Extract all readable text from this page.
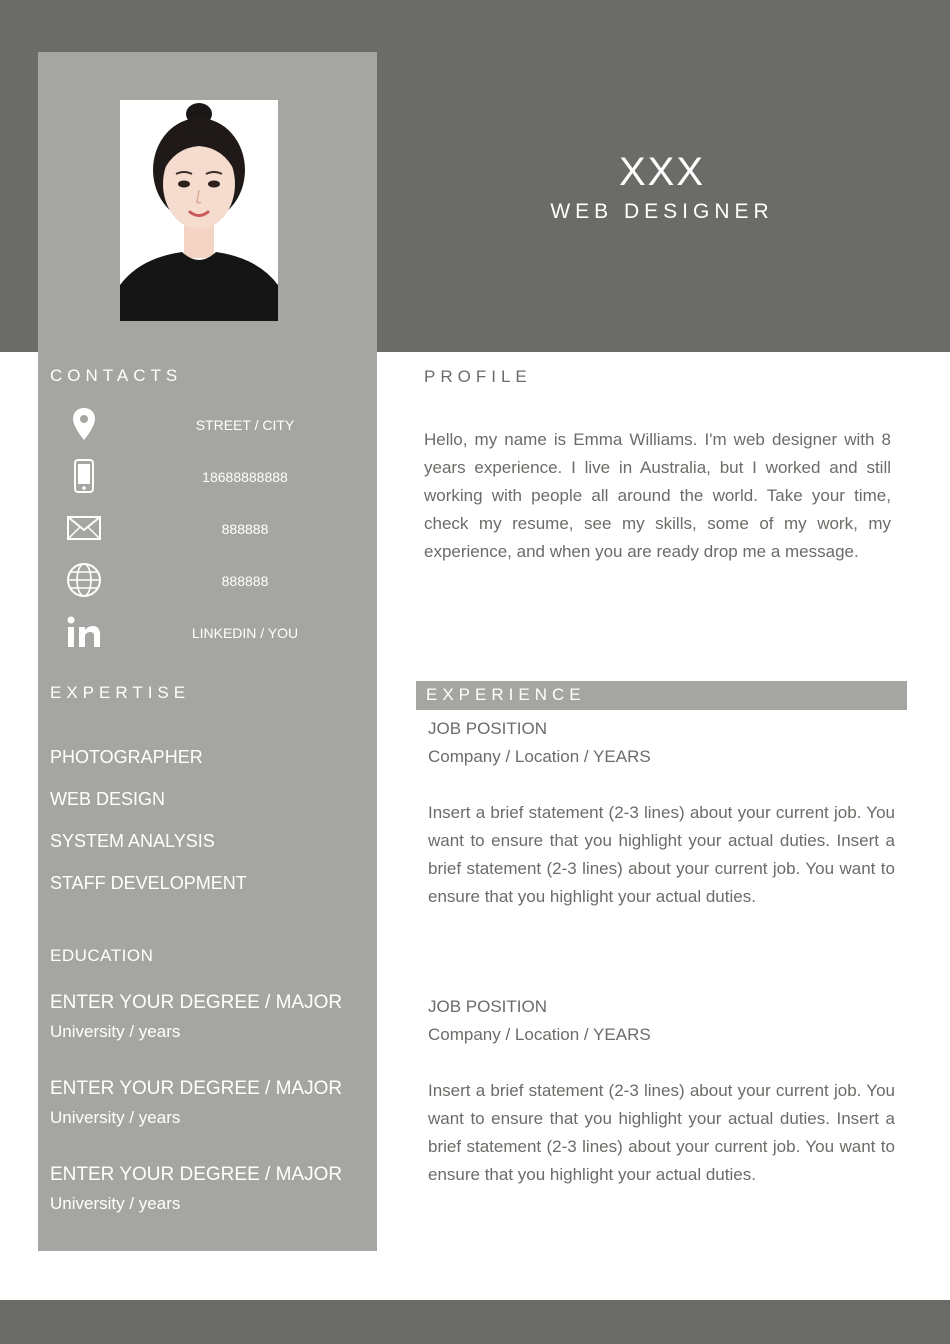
XXX
WEB DESIGNER
CONTACTS
STREET / CITY
18688888888
888888
888888
LINKEDIN / YOU
EXPERTISE
PHOTOGRAPHER
WEB DESIGN
SYSTEM ANALYSIS
STAFF DEVELOPMENT
EDUCATION
ENTER YOUR DEGREE / MAJOR
University / years
ENTER YOUR DEGREE / MAJOR
University / years
ENTER YOUR DEGREE / MAJOR
University / years
PROFILE

Hello, my name is Emma Williams. I'm web designer with 8 years experience. I live in Australia, but I worked and still working with people all around the world. Take your time, check my resume, see my skills, some of my work, my experience, and when you are ready drop me a message.

EXPERIENCE
JOB POSITION
Company / Location / YEARS

Insert a brief statement (2-3 lines) about your current job. You want to ensure that you highlight your actual duties. Insert a brief statement (2-3 lines) about your current job. You want to ensure that you highlight your actual duties.

JOB POSITION
Company / Location / YEARS

Insert a brief statement (2-3 lines) about your current job. You want to ensure that you highlight your actual duties. Insert a brief statement (2-3 lines) about your current job. You want to ensure that you highlight your actual duties.
